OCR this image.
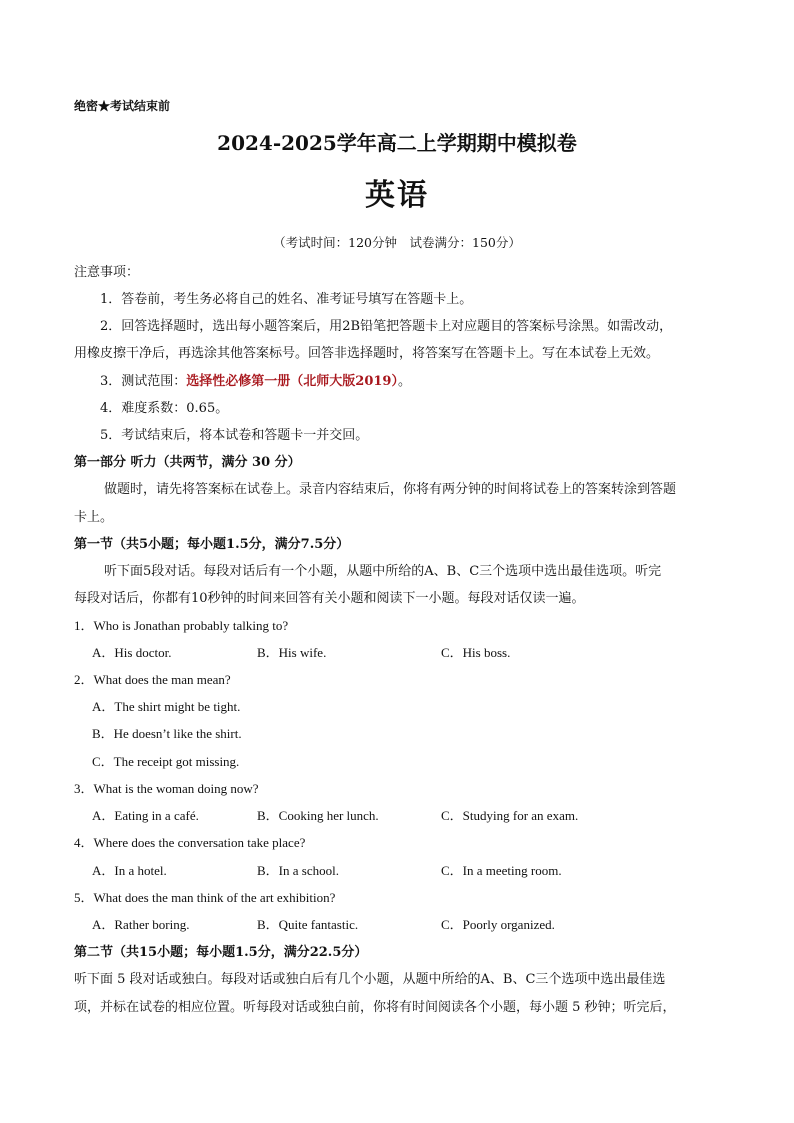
绝密★考试结束前
2024-2025学年高二上学期期中模拟卷
英语
（考试时间：120分钟　试卷满分：150分）
注意事项：
1．答卷前，考生务必将自己的姓名、准考证号填写在答题卡上。
2．回答选择题时，选出每小题答案后，用2B铅笔把答题卡上对应题目的答案标号涂黑。如需改动，
用橡皮擦干净后，再选涂其他答案标号。回答非选择题时，将答案写在答题卡上。写在本试卷上无效。
3．测试范围：选择性必修第一册（北师大版2019）。
4．难度系数：0.65。
5．考试结束后，将本试卷和答题卡一并交回。
第一部分 听力（共两节，满分 30 分）
做题时，请先将答案标在试卷上。录音内容结束后，你将有两分钟的时间将试卷上的答案转涂到答题
卡上。
第一节（共5小题；每小题1.5分，满分7.5分）
听下面5段对话。每段对话后有一个小题，从题中所给的A、B、C三个选项中选出最佳选项。听完
每段对话后，你都有10秒钟的时间来回答有关小题和阅读下一小题。每段对话仅读一遍。
1．Who is Jonathan probably talking to?
A．His doctor.	B．His wife.	C．His boss.
2．What does the man mean?
A．The shirt might be tight.
B．He doesn’t like the shirt.
C．The receipt got missing.
3．What is the woman doing now?
A．Eating in a café.	B．Cooking her lunch.	C．Studying for an exam.
4．Where does the conversation take place?
A．In a hotel.	B．In a school.	C．In a meeting room.
5．What does the man think of the art exhibition?
A．Rather boring.	B．Quite fantastic.	C．Poorly organized.
第二节（共15小题；每小题1.5分，满分22.5分）
听下面 5 段对话或独白。每段对话或独白后有几个小题，从题中所给的A、B、C三个选项中选出最佳选
项，并标在试卷的相应位置。听每段对话或独白前，你将有时间阅读各个小题，每小题 5 秒钟；听完后，
